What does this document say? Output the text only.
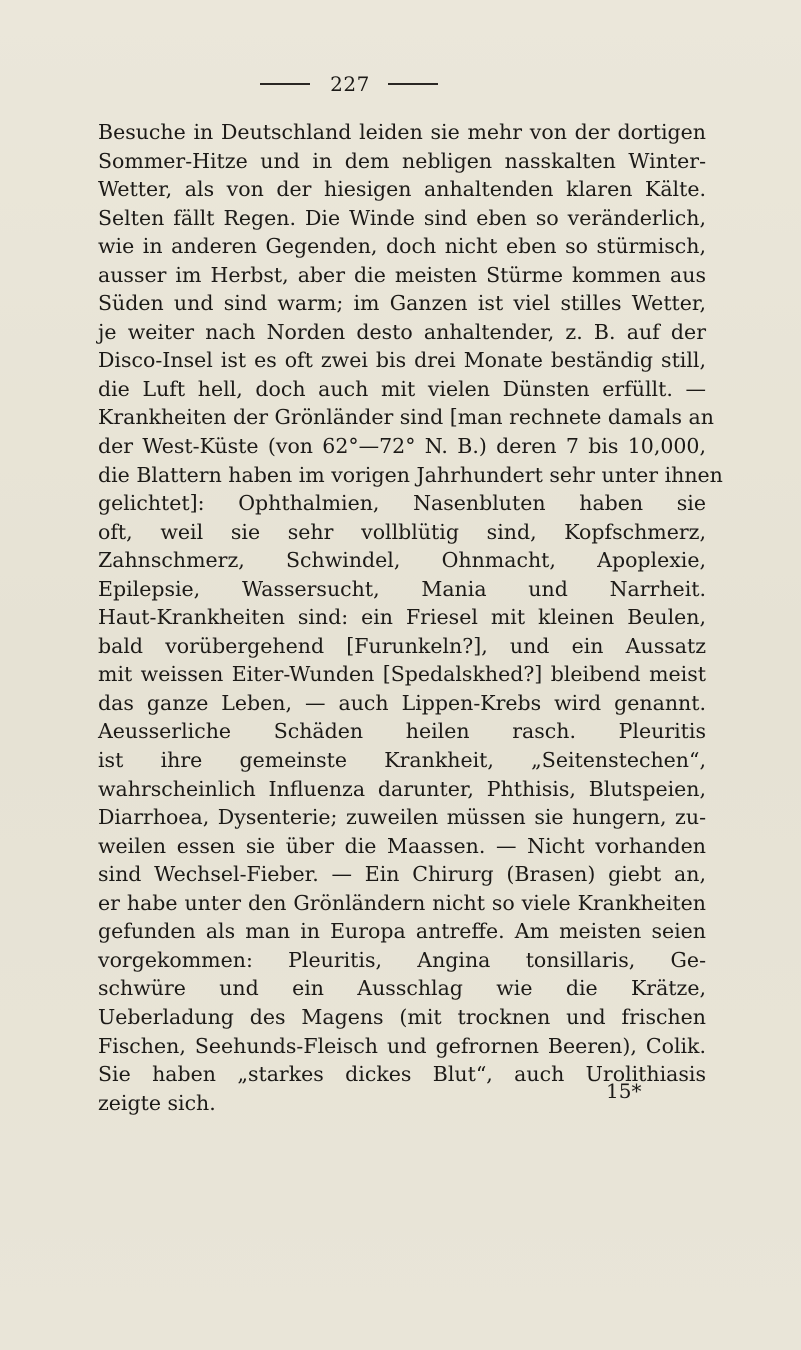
227
Besuche in Deutschland leiden sie mehr von der dortigen
Sommer-Hitze und in dem nebligen nasskalten Winter-
Wetter, als von der hiesigen anhaltenden klaren Kälte.
Selten fällt Regen. Die Winde sind eben so veränderlich,
wie in anderen Gegenden, doch nicht eben so stürmisch,
ausser im Herbst, aber die meisten Stürme kommen aus
Süden und sind warm; im Ganzen ist viel stilles Wetter,
je weiter nach Norden desto anhaltender, z. B. auf der
Disco-Insel ist es oft zwei bis drei Monate beständig still,
die Luft hell, doch auch mit vielen Dünsten erfüllt. —
Krankheiten der Grönländer sind [man rechnete damals an
der West-Küste (von 62°—72° N. B.) deren 7 bis 10,000,
die Blattern haben im vorigen Jahrhundert sehr unter ihnen
gelichtet]: Ophthalmien, Nasenbluten haben sie
oft, weil sie sehr vollblütig sind, Kopfschmerz,
Zahnschmerz, Schwindel, Ohnmacht, Apoplexie,
Epilepsie, Wassersucht, Mania und Narrheit.
Haut-Krankheiten sind: ein Friesel mit kleinen Beulen,
bald vorübergehend [Furunkeln?], und ein Aussatz
mit weissen Eiter-Wunden [Spedalskhed?] bleibend meist
das ganze Leben, — auch Lippen-Krebs wird genannt.
Aeusserliche Schäden heilen rasch. Pleuritis
ist ihre gemeinste Krankheit, „Seitenstechen“,
wahrscheinlich Influenza darunter, Phthisis, Blutspeien,
Diarrhoea, Dysenterie; zuweilen müssen sie hungern, zu-
weilen essen sie über die Maassen. — Nicht vorhanden
sind Wechsel-Fieber. — Ein Chirurg (Brasen) giebt an,
er habe unter den Grönländern nicht so viele Krankheiten
gefunden als man in Europa antreffe. Am meisten seien
vorgekommen: Pleuritis, Angina tonsillaris, Ge-
schwüre und ein Ausschlag wie die Krätze,
Ueberladung des Magens (mit trocknen und frischen
Fischen, Seehunds-Fleisch und gefrornen Beeren), Colik.
Sie haben „starkes dickes Blut“, auch Urolithiasis
zeigte sich.	15*
